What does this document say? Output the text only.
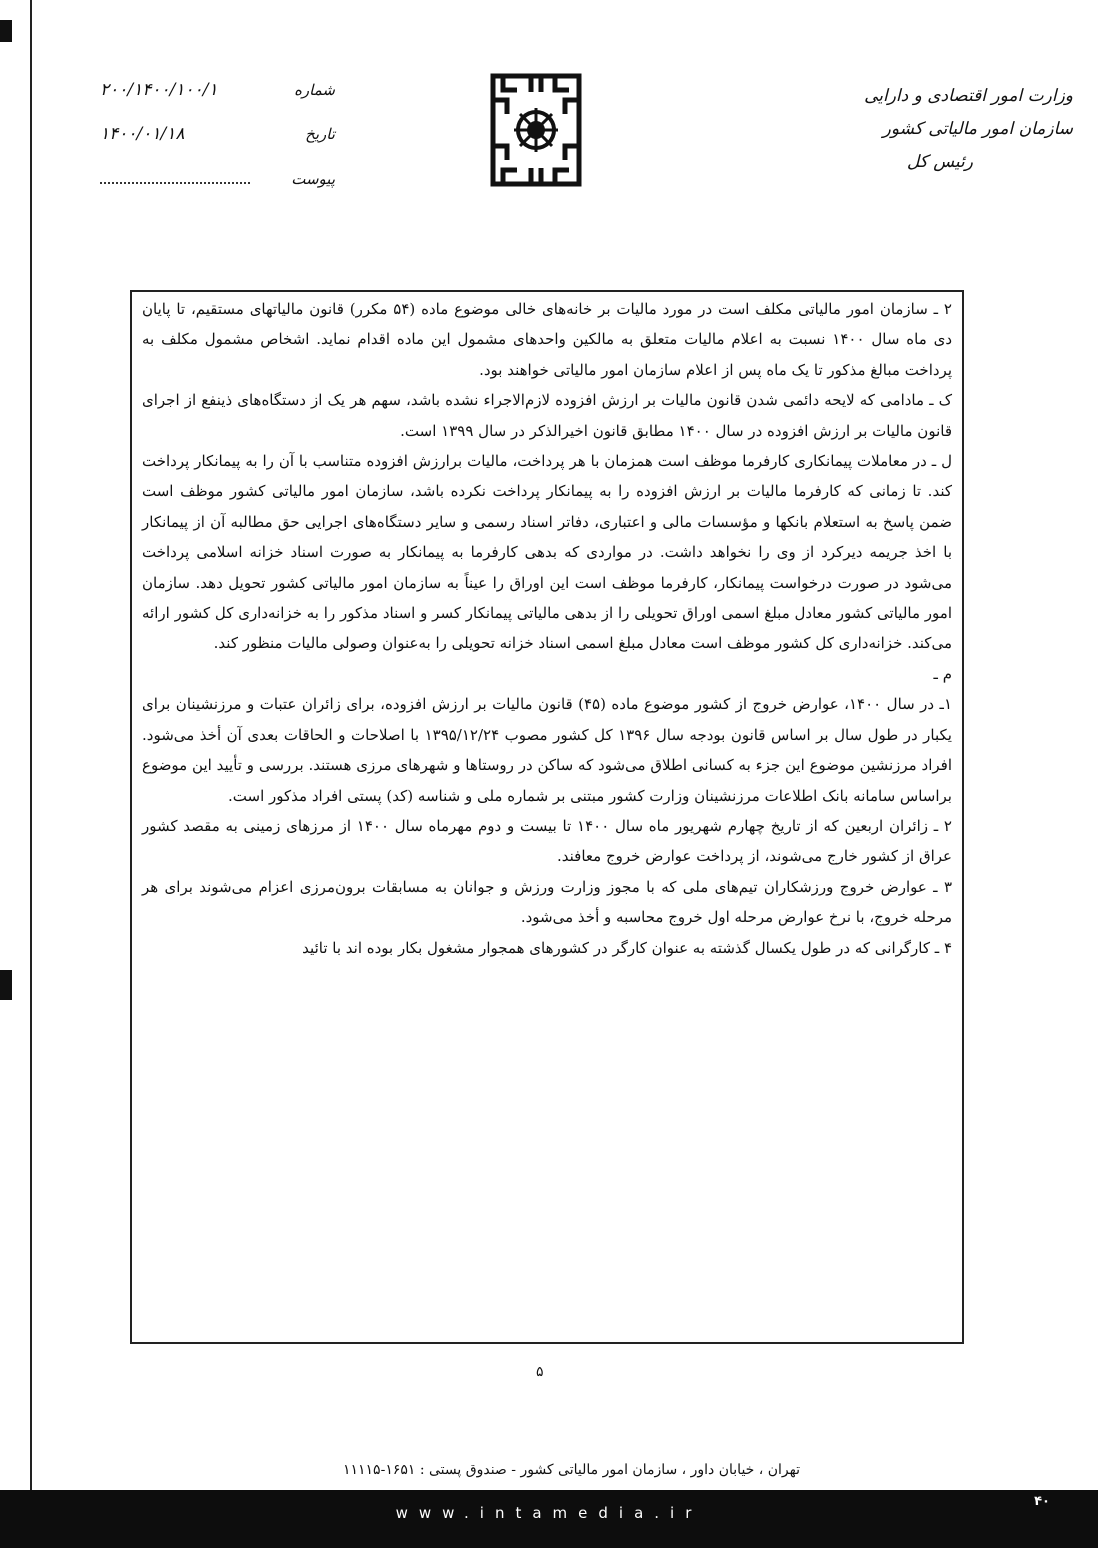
وزارت امور اقتصادی و دارایی
سازمان امور مالیاتی کشور
رئیس کل
شماره
۲۰۰/۱۴۰۰/۱۰۰/۱
تاریخ
۱۴۰۰/۰۱/۱۸
پیوست

۲ ـ سازمان امور مالیاتی مکلف است در مورد مالیات بر خانه‌های خالی موضوع ماده (۵۴ مکرر) قانون مالیاتهای مستقیم، تا پایان دی ماه سال ۱۴۰۰ نسبت به اعلام مالیات متعلق به مالکین واحدهای مشمول این ماده اقدام نماید. اشخاص مشمول مکلف به پرداخت مبالغ مذکور تا یک ماه پس از اعلام سازمان امور مالیاتی خواهند بود.

ک ـ مادامی که لایحه دائمی شدن قانون مالیات بر ارزش افزوده لازم‌الاجراء نشده باشد، سهم هر یک از دستگاه‌های ذینفع از اجرای قانون مالیات بر ارزش افزوده در سال ۱۴۰۰ مطابق قانون اخیرالذکر در سال ۱۳۹۹ است.

ل ـ در معاملات پیمانکاری کارفرما موظف است همزمان با هر پرداخت، مالیات برارزش افزوده متناسب با آن را به پیمانکار پرداخت کند. تا زمانی که کارفرما مالیات بر ارزش افزوده را به پیمانکار پرداخت نکرده باشد، سازمان امور مالیاتی کشور موظف است ضمن پاسخ به استعلام بانکها و مؤسسات مالی و اعتباری، دفاتر اسناد رسمی و سایر دستگاه‌های اجرایی حق مطالبه آن از پیمانکار با اخذ جریمه دیرکرد از وی را نخواهد داشت. در مواردی که بدهی کارفرما به پیمانکار به صورت اسناد خزانه اسلامی پرداخت می‌شود در صورت درخواست پیمانکار، کارفرما موظف است این اوراق را عیناً به سازمان امور مالیاتی کشور تحویل دهد. سازمان امور مالیاتی کشور معادل مبلغ اسمی اوراق تحویلی را از بدهی مالیاتی پیمانکار کسر و اسناد مذکور را به خزانه‌داری کل کشور ارائه می‌کند. خزانه‌داری کل کشور موظف است معادل مبلغ اسمی اسناد خزانه تحویلی را به‌عنوان وصولی مالیات منظور کند.

م ـ

۱ـ در سال ۱۴۰۰، عوارض خروج از کشور موضوع ماده (۴۵) قانون مالیات بر ارزش افزوده، برای زائران عتبات و مرزنشینان برای یکبار در طول سال بر اساس قانون بودجه سال ۱۳۹۶ کل کشور مصوب ۱۳۹۵/۱۲/۲۴ با اصلاحات و الحاقات بعدی آن أخذ می‌شود. افراد مرزنشین موضوع این جزء به کسانی اطلاق می‌شود که ساکن در روستاها و شهرهای مرزی هستند. بررسی و تأیید این موضوع براساس سامانه بانک اطلاعات مرزنشینان وزارت کشور مبتنی بر شماره ملی و شناسه (کد) پستی افراد مذکور است.

۲ ـ زائران اربعین که از تاریخ چهارم شهریور ماه سال ۱۴۰۰ تا بیست و دوم مهرماه سال ۱۴۰۰ از مرزهای زمینی به مقصد کشور عراق از کشور خارج می‌شوند، از پرداخت عوارض خروج معافند.

۳ ـ عوارض خروج ورزشکاران تیم‌های ملی که با مجوز وزارت ورزش و جوانان به مسابقات برون‌مرزی اعزام می‌شوند برای هر مرحله خروج، با نرخ عوارض مرحله اول خروج محاسبه و أخذ می‌شود.

۴ ـ کارگرانی که در طول یکسال گذشته به عنوان کارگر در کشورهای همجوار مشغول بکار بوده اند با تائید

۵
تهران ، خیابان داور ، سازمان امور مالیاتی کشور - صندوق پستی : ۱۶۵۱-۱۱۱۱۵
www.intamedia.ir
۴۰
